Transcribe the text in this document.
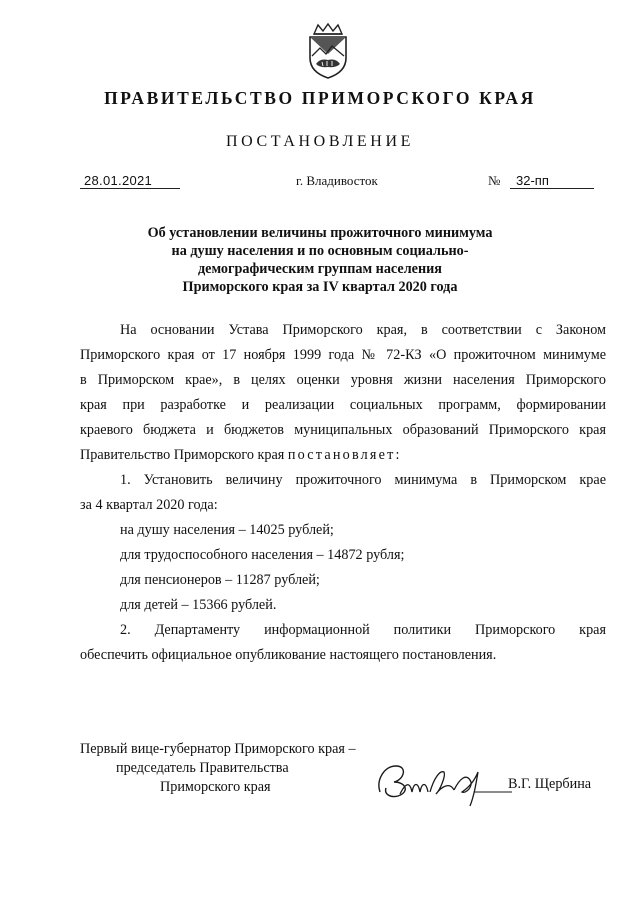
ПРАВИТЕЛЬСТВО ПРИМОРСКОГО КРАЯ
ПОСТАНОВЛЕНИЕ
28.01.2021	г. Владивосток	№	32-пп
Об установлении величины прожиточного минимума
на душу населения и по основным социально-
демографическим группам населения
Приморского края за IV квартал 2020 года
На основании Устава Приморского края, в соответствии с Законом
Приморского края от 17 ноября 1999 года № 72-КЗ «О прожиточном минимуме
в Приморском крае», в целях оценки уровня жизни населения Приморского
края при разработке и реализации социальных программ, формировании
краевого бюджета и бюджетов муниципальных образований Приморского края
Правительство Приморского края постановляет:
1. Установить величину прожиточного минимума в Приморском крае
за 4 квартал 2020 года:
на душу населения – 14025 рублей;
для трудоспособного населения – 14872 рубля;
для пенсионеров – 11287 рублей;
для детей – 15366 рублей.
2. Департаменту информационной политики Приморского края
обеспечить официальное опубликование настоящего постановления.
Первый вице-губернатор Приморского края –
председатель Правительства
Приморского края	В.Г. Щербина
